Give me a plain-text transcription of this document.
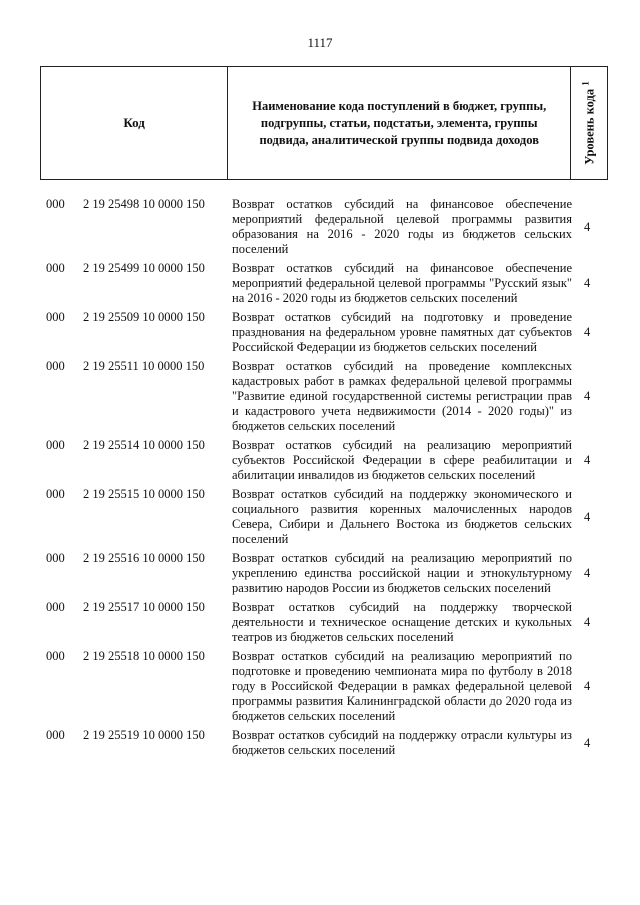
1117
Код
Наименование кода поступлений в бюджет, группы, подгруппы, статьи, подстатьи, элемента, группы подвида, аналитической группы подвида доходов	Уровень кода $^1$
000 2 19 25498 10 0000 150 Возврат остатков субсидий на финансовое обеспечение мероприятий федеральной целевой программы развития образования на 2016 - 2020 годы из бюджетов сельских поселений
4
000 2 19 25499 10 0000 150 Возврат остатков субсидий на финансовое обеспечение мероприятий федеральной целевой программы "Русский язык" на 2016 - 2020 годы из бюджетов сельских поселений
4
000 2 19 25509 10 0000 150 Возврат остатков субсидий на подготовку и проведение празднования на федеральном уровне памятных дат субъектов Российской Федерации из бюджетов сельских поселений
4
000 2 19 25511 10 0000 150 Возврат остатков субсидий на проведение комплексных кадастровых работ в рамках федеральной целевой программы "Развитие единой государственной системы регистрации прав и кадастрового учета недвижимости (2014 - 2020 годы)" из бюджетов сельских поселений
4
000 2 19 25514 10 0000 150 Возврат остатков субсидий на реализацию мероприятий субъектов Российской Федерации в сфере реабилитации и абилитации инвалидов из бюджетов сельских поселений
4
000 2 19 25515 10 0000 150 Возврат остатков субсидий на поддержку экономического и социального развития коренных малочисленных народов Севера, Сибири и Дальнего Востока из бюджетов сельских поселений
4
000 2 19 25516 10 0000 150 Возврат остатков субсидий на реализацию мероприятий по укреплению единства российской нации и этнокультурному развитию народов России из бюджетов сельских поселений
4
000 2 19 25517 10 0000 150 Возврат остатков субсидий на поддержку творческой деятельности и техническое оснащение детских и кукольных театров из бюджетов сельских поселений
4
000 2 19 25518 10 0000 150 Возврат остатков субсидий на реализацию мероприятий по подготовке и проведению чемпионата мира по футболу в 2018 году в Российской Федерации в рамках федеральной целевой программы развития Калининградской области до 2020 года из бюджетов сельских поселений
4
000 2 19 25519 10 0000 150 Возврат остатков субсидий на поддержку отрасли культуры из бюджетов сельских поселений
4
